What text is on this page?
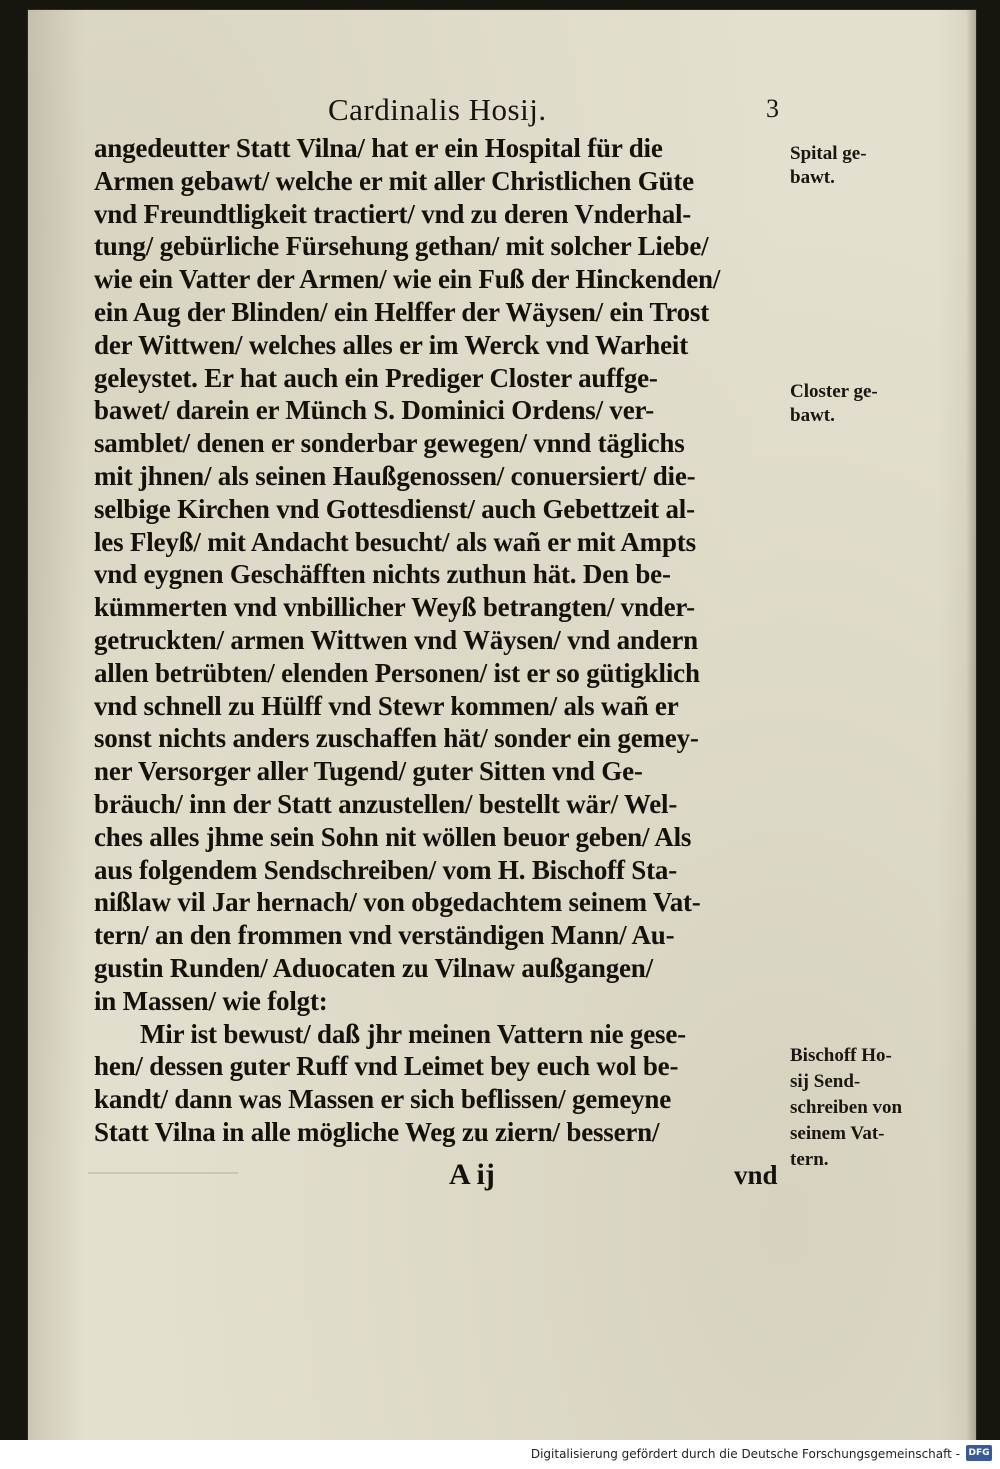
Cardinalis Hosij.	3
angedeutter Statt Vilna/ hat er ein Hospital für die
Armen gebawt/ welche er mit aller Christlichen Güte
vnd Freundtligkeit tractiert/ vnd zu deren Vnderhal-
tung/ gebürliche Fürsehung gethan/ mit solcher Liebe/
wie ein Vatter der Armen/ wie ein Fuß der Hinckenden/
ein Aug der Blinden/ ein Helffer der Wäysen/ ein Trost
der Wittwen/ welches alles er im Werck vnd Warheit
geleystet. Er hat auch ein Prediger Closter auffge-
bawet/ darein er Münch S. Dominici Ordens/ ver-
samblet/ denen er sonderbar gewegen/ vnnd täglichs
mit jhnen/ als seinen Haußgenossen/ conuersiert/ die-
selbige Kirchen vnd Gottesdienst/ auch Gebettzeit al-
les Fleyß/ mit Andacht besucht/ als wañ er mit Ampts
vnd eygnen Geschäfften nichts zuthun hät. Den be-
kümmerten vnd vnbillicher Weyß betrangten/ vnder-
getruckten/ armen Wittwen vnd Wäysen/ vnd andern
allen betrübten/ elenden Personen/ ist er so gütigklich
vnd schnell zu Hülff vnd Stewr kommen/ als wañ er
sonst nichts anders zuschaffen hät/ sonder ein gemey-
ner Versorger aller Tugend/ guter Sitten vnd Ge-
bräuch/ inn der Statt anzustellen/ bestellt wär/ Wel-
ches alles jhme sein Sohn nit wöllen beuor geben/ Als
aus folgendem Sendschreiben/ vom H. Bischoff Sta-
nißlaw vil Jar hernach/ von obgedachtem seinem Vat-
tern/ an den frommen vnd verständigen Mann/ Au-
gustin Runden/ Aduocaten zu Vilnaw außgangen/
in Massen/ wie folgt:
Mir ist bewust/ daß jhr meinen Vattern nie gese-
hen/ dessen guter Ruff vnd Leimet bey euch wol be-
kandt/ dann was Massen er sich beflissen/ gemeyne
Statt Vilna in alle mögliche Weg zu ziern/ bessern/
Spital ge-
bawt.
Closter ge-
bawt.
Bischoff Ho-
sij Send-
schreiben von
seinem Vat-
tern.
A ij	vnd
Digitalisierung gefördert durch die Deutsche Forschungsgemeinschaft - DFG
